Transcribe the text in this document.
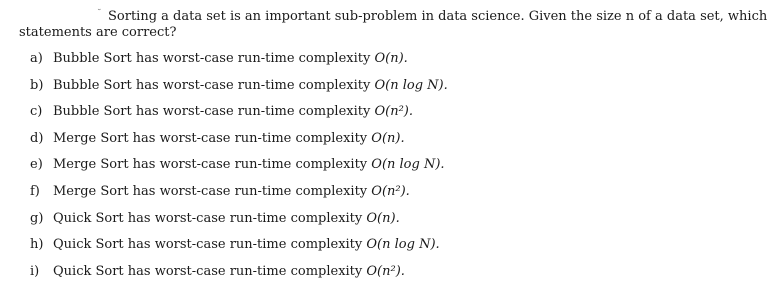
˘ Sorting a data set is an important sub-problem in data science. Given the size n of a data set, which
statements are correct?
a) Bubble Sort has worst-case run-time complexity
O(n).
b) Bubble Sort has worst-case run-time complexity
O(n log N).
c) Bubble Sort has worst-case run-time complexity
O(n²).
d) Merge Sort has worst-case run-time complexity
O(n).
e) Merge Sort has worst-case run-time complexity
O(n log N).
f)	Merge Sort has worst-case run-time complexity
O(n²).
g) Quick Sort has worst-case run-time complexity
O(n).
h) Quick Sort has worst-case run-time complexity
O(n log N).
i)	Quick Sort has worst-case run-time complexity
O(n²).
